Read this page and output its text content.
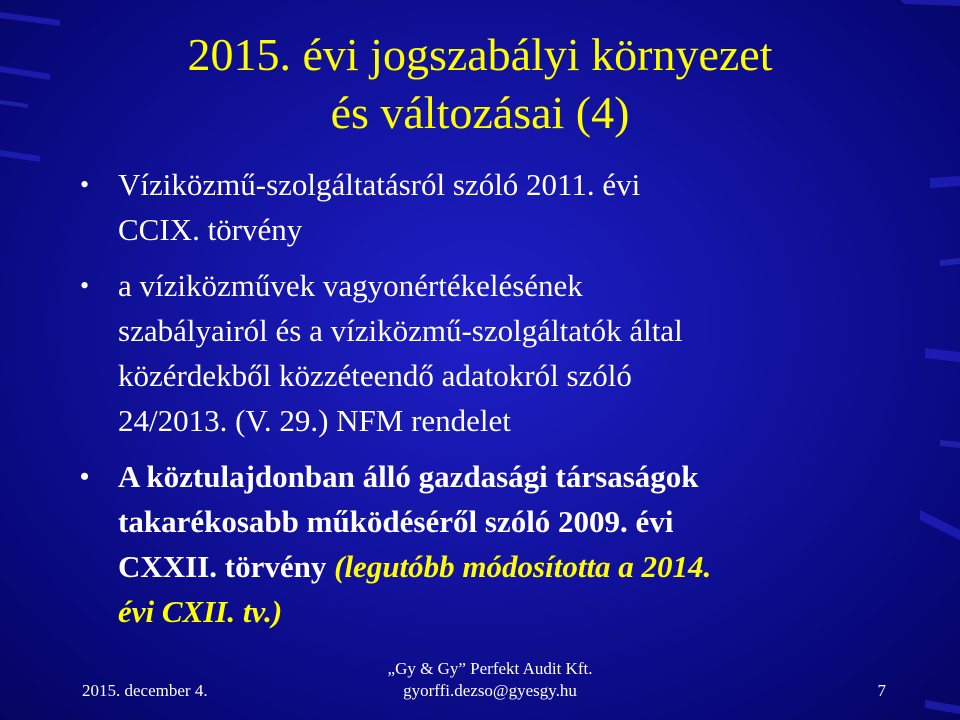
2015. évi jogszabályi környezet
és változásai (4)
• Víziközmű-szolgáltatásról szóló 2011. évi
CCIX. törvény
• a víziközművek vagyonértékelésének
szabályairól és a víziközmű-szolgáltatók által
közérdekből közzéteendő adatokról szóló
24/2013. (V. 29.) NFM rendelet
• A köztulajdonban álló gazdasági társaságok
takarékosabb működéséről szóló 2009. évi
CXXII. törvény (legutóbb módosította a 2014.
évi CXII. tv.)
2015. december 4.
„Gy & Gy” Perfekt Audit Kft.
gyorffi.dezso@gyesgy.hu	7
